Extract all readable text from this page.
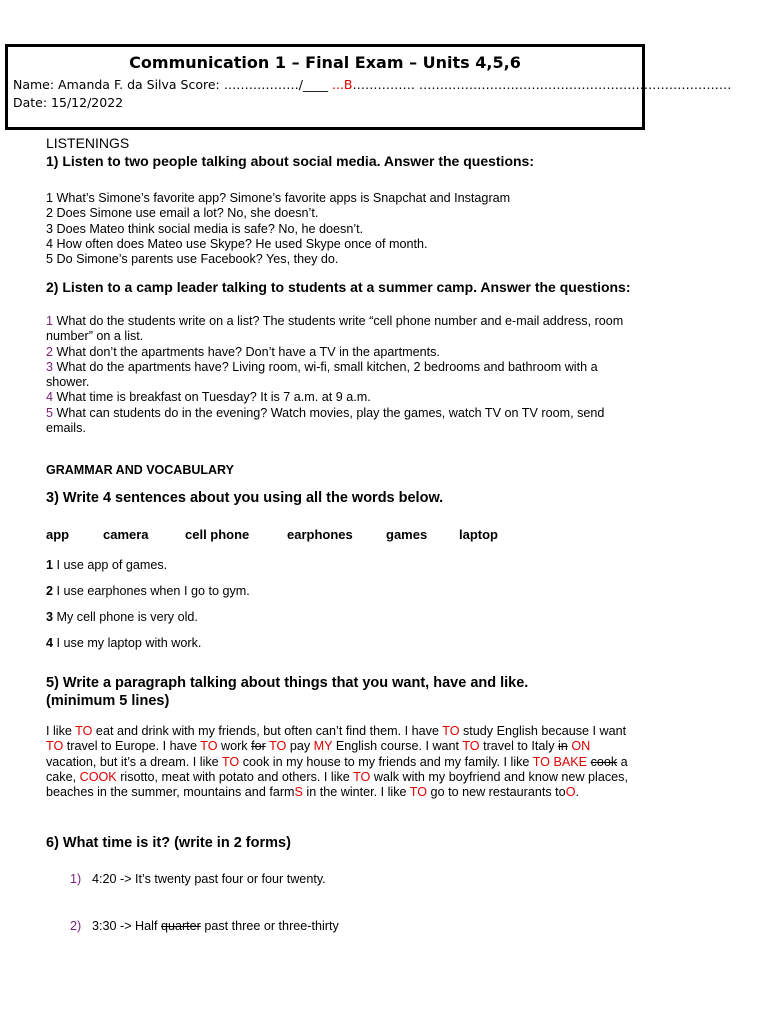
Communication 1 – Final Exam – Units 4,5,6
Name: Amanda F. da Silva Score: ………………/____ ...B…………… …………………………………………………………………
Date: 15/12/2022
LISTENINGS
1) Listen to two people talking about social media. Answer the questions:
1 What’s Simone’s favorite app? Simone’s favorite apps is Snapchat and Instagram
2 Does Simone use email a lot? No, she doesn’t.
3 Does Mateo think social media is safe? No, he doesn’t.
4 How often does Mateo use Skype? He used Skype once of month.
5 Do Simone’s parents use Facebook? Yes, they do.
2) Listen to a camp leader talking to students at a summer camp. Answer the questions:
1 What do the students write on a list? The students write “cell phone number and e-mail address, room
number” on a list.
2 What don’t the apartments have? Don’t have a TV in the apartments.
3 What do the apartments have? Living room, wi-fi, small kitchen, 2 bedrooms and bathroom with a
shower.
4 What time is breakfast on Tuesday? It is 7 a.m. at 9 a.m.
5 What can students do in the evening? Watch movies, play the games, watch TV on TV room, send
emails.
GRAMMAR AND VOCABULARY
3) Write 4 sentences about you using all the words below.
app	camera	cell phone	earphones	games laptop
1 I use app of games.
2 I use earphones when I go to gym.
3 My cell phone is very old.
4 I use my laptop with work.
5) Write a paragraph talking about things that you want, have and like.
(minimum 5 lines)
I like TO eat and drink with my friends, but often can’t find them. I have TO study English because I want
TO travel to Europe. I have TO work for TO pay MY English course. I want TO travel to Italy in ON
vacation, but it’s a dream. I like TO cook in my house to my friends and my family. I like TO BAKE cook a
cake, COOK risotto, meat with potato and others. I like TO walk with my boyfriend and know new places,
beaches in the summer, mountains and farmS in the winter. I like TO go to new restaurants toO.
6) What time is it? (write in 2 forms)
1) 4:20 -> It’s twenty past four or four twenty.
2) 3:30 -> Half quarter past three or three-thirty
